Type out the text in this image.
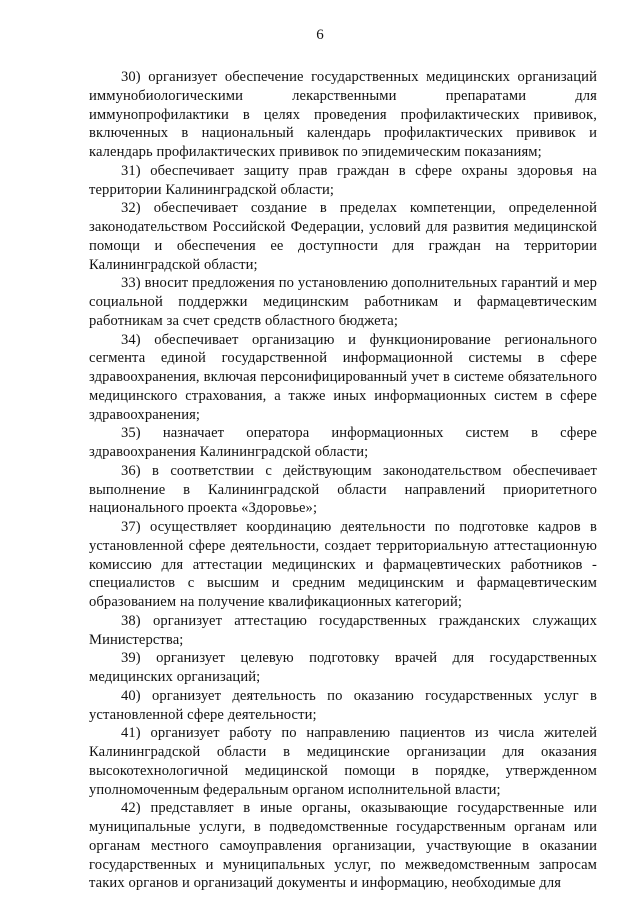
6

30) организует обеспечение государственных медицинских организаций иммунобиологическими лекарственными препаратами для иммунопрофилактики в целях проведения профилактических прививок, включенных в национальный календарь профилактических прививок и календарь профилактических прививок по эпидемическим показаниям;

31) обеспечивает защиту прав граждан в сфере охраны здоровья на территории Калининградской области;

32) обеспечивает создание в пределах компетенции, определенной законодательством Российской Федерации, условий для развития медицинской помощи и обеспечения ее доступности для граждан на территории Калининградской области;

33) вносит предложения по установлению дополнительных гарантий и мер социальной поддержки медицинским работникам и фармацевтическим работникам за счет средств областного бюджета;

34) обеспечивает организацию и функционирование регионального сегмента единой государственной информационной системы в сфере здравоохранения, включая персонифицированный учет в системе обязательного медицинского страхования, а также иных информационных систем в сфере здравоохранения;

35) назначает оператора информационных систем в сфере здравоохранения Калининградской области;

36) в соответствии с действующим законодательством обеспечивает выполнение в Калининградской области направлений приоритетного национального проекта «Здоровье»;

37) осуществляет координацию деятельности по подготовке кадров в установленной сфере деятельности, создает территориальную аттестационную комиссию для аттестации медицинских и фармацевтических работников - специалистов с высшим и средним медицинским и фармацевтическим образованием на получение квалификационных категорий;

38) организует аттестацию государственных гражданских служащих Министерства;

39) организует целевую подготовку врачей для государственных медицинских организаций;

40) организует деятельность по оказанию государственных услуг в установленной сфере деятельности;

41) организует работу по направлению пациентов из числа жителей Калининградской области в медицинские организации для оказания высокотехнологичной медицинской помощи в порядке, утвержденном уполномоченным федеральным органом исполнительной власти;

42) представляет в иные органы, оказывающие государственные или муниципальные услуги, в подведомственные государственным органам или органам местного самоуправления организации, участвующие в оказании государственных и муниципальных услуг, по межведомственным запросам таких органов и организаций документы и информацию, необходимые для
